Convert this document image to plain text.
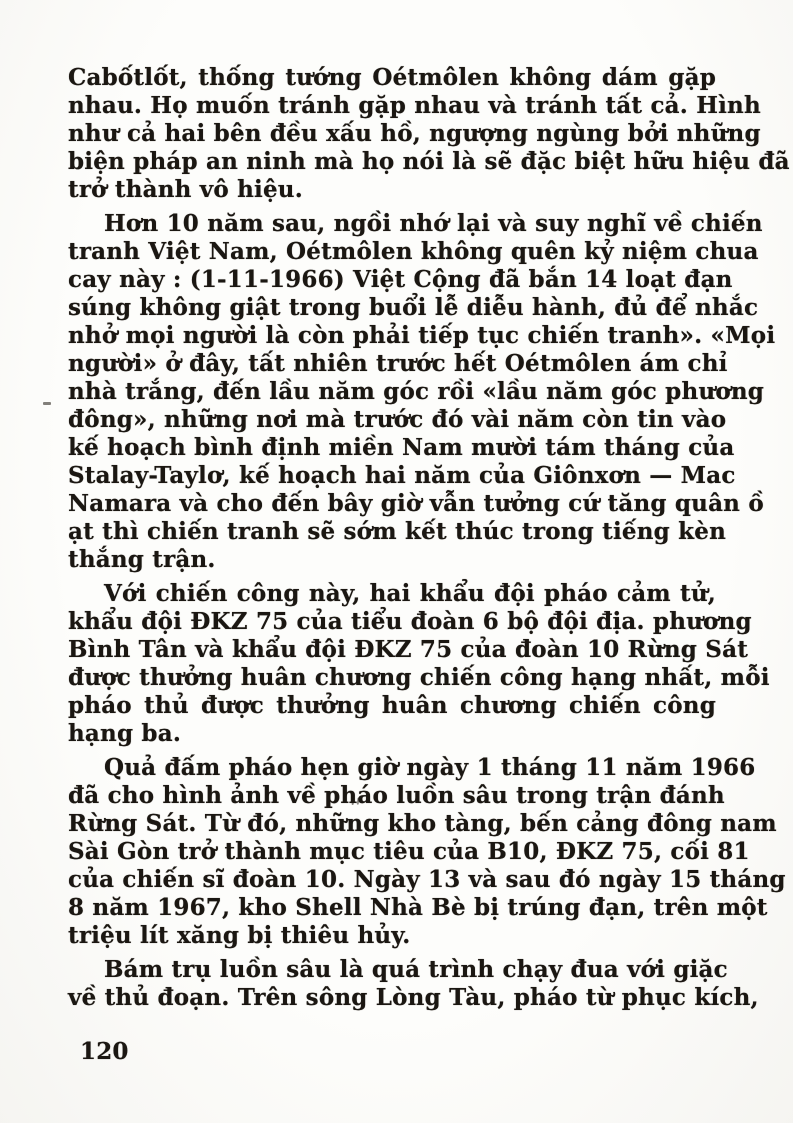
Cabốtlốt, thống tướng Oétmôlen không dám gặp
nhau. Họ muốn tránh gặp nhau và tránh tất cả. Hình
như cả hai bên đều xấu hồ, ngượng ngùng bởi những
biện pháp an ninh mà họ nói là sẽ đặc biệt hữu hiệu đã
trở thành vô hiệu.
Hơn 10 năm sau, ngồi nhớ lại và suy nghĩ về chiến
tranh Việt Nam, Oétmôlen không quên kỷ niệm chua
cay này : (1-11-1966) Việt Cộng đã bắn 14 loạt đạn
súng không giật trong buổi lễ diễu hành, đủ để nhắc
nhở mọi người là còn phải tiếp tục chiến tranh». «Mọi
người» ở đây, tất nhiên trước hết Oétmôlen ám chỉ
nhà trắng, đến lầu năm góc rồi «lầu năm góc phương
đông», những nơi mà trước đó vài năm còn tin vào
kế hoạch bình định miền Nam mười tám tháng của
Stalay-Taylơ, kế hoạch hai năm của Giônxơn — Mac
Namara và cho đến bây giờ vẫn tưởng cứ tăng quân ồ
ạt thì chiến tranh sẽ sớm kết thúc trong tiếng kèn
thắng trận.
Với chiến công này, hai khẩu đội pháo cảm tử,
khẩu đội ĐKZ 75 của tiểu đoàn 6 bộ đội địa. phương
Bình Tân và khẩu đội ĐKZ 75 của đoàn 10 Rừng Sát
được thưởng huân chương chiến công hạng nhất, mỗi
pháo thủ được thưởng huân chương chiến công
hạng ba.
Quả đấm pháo hẹn giờ ngày 1 tháng 11 năm 1966
đã cho hình ảnh về pháo luồn sâu trong trận đánh
Rừng Sát. Từ đó, những kho tàng, bến cảng đông nam
Sài Gòn trở thành mục tiêu của B10, ĐKZ 75, cối 81
của chiến sĩ đoàn 10. Ngày 13 và sau đó ngày 15 tháng
8 năm 1967, kho Shell Nhà Bè bị trúng đạn, trên một
triệu lít xăng bị thiêu hủy.
Bám trụ luồn sâu là quá trình chạy đua với giặc
về thủ đoạn. Trên sông Lòng Tàu, pháo từ phục kích,
120
